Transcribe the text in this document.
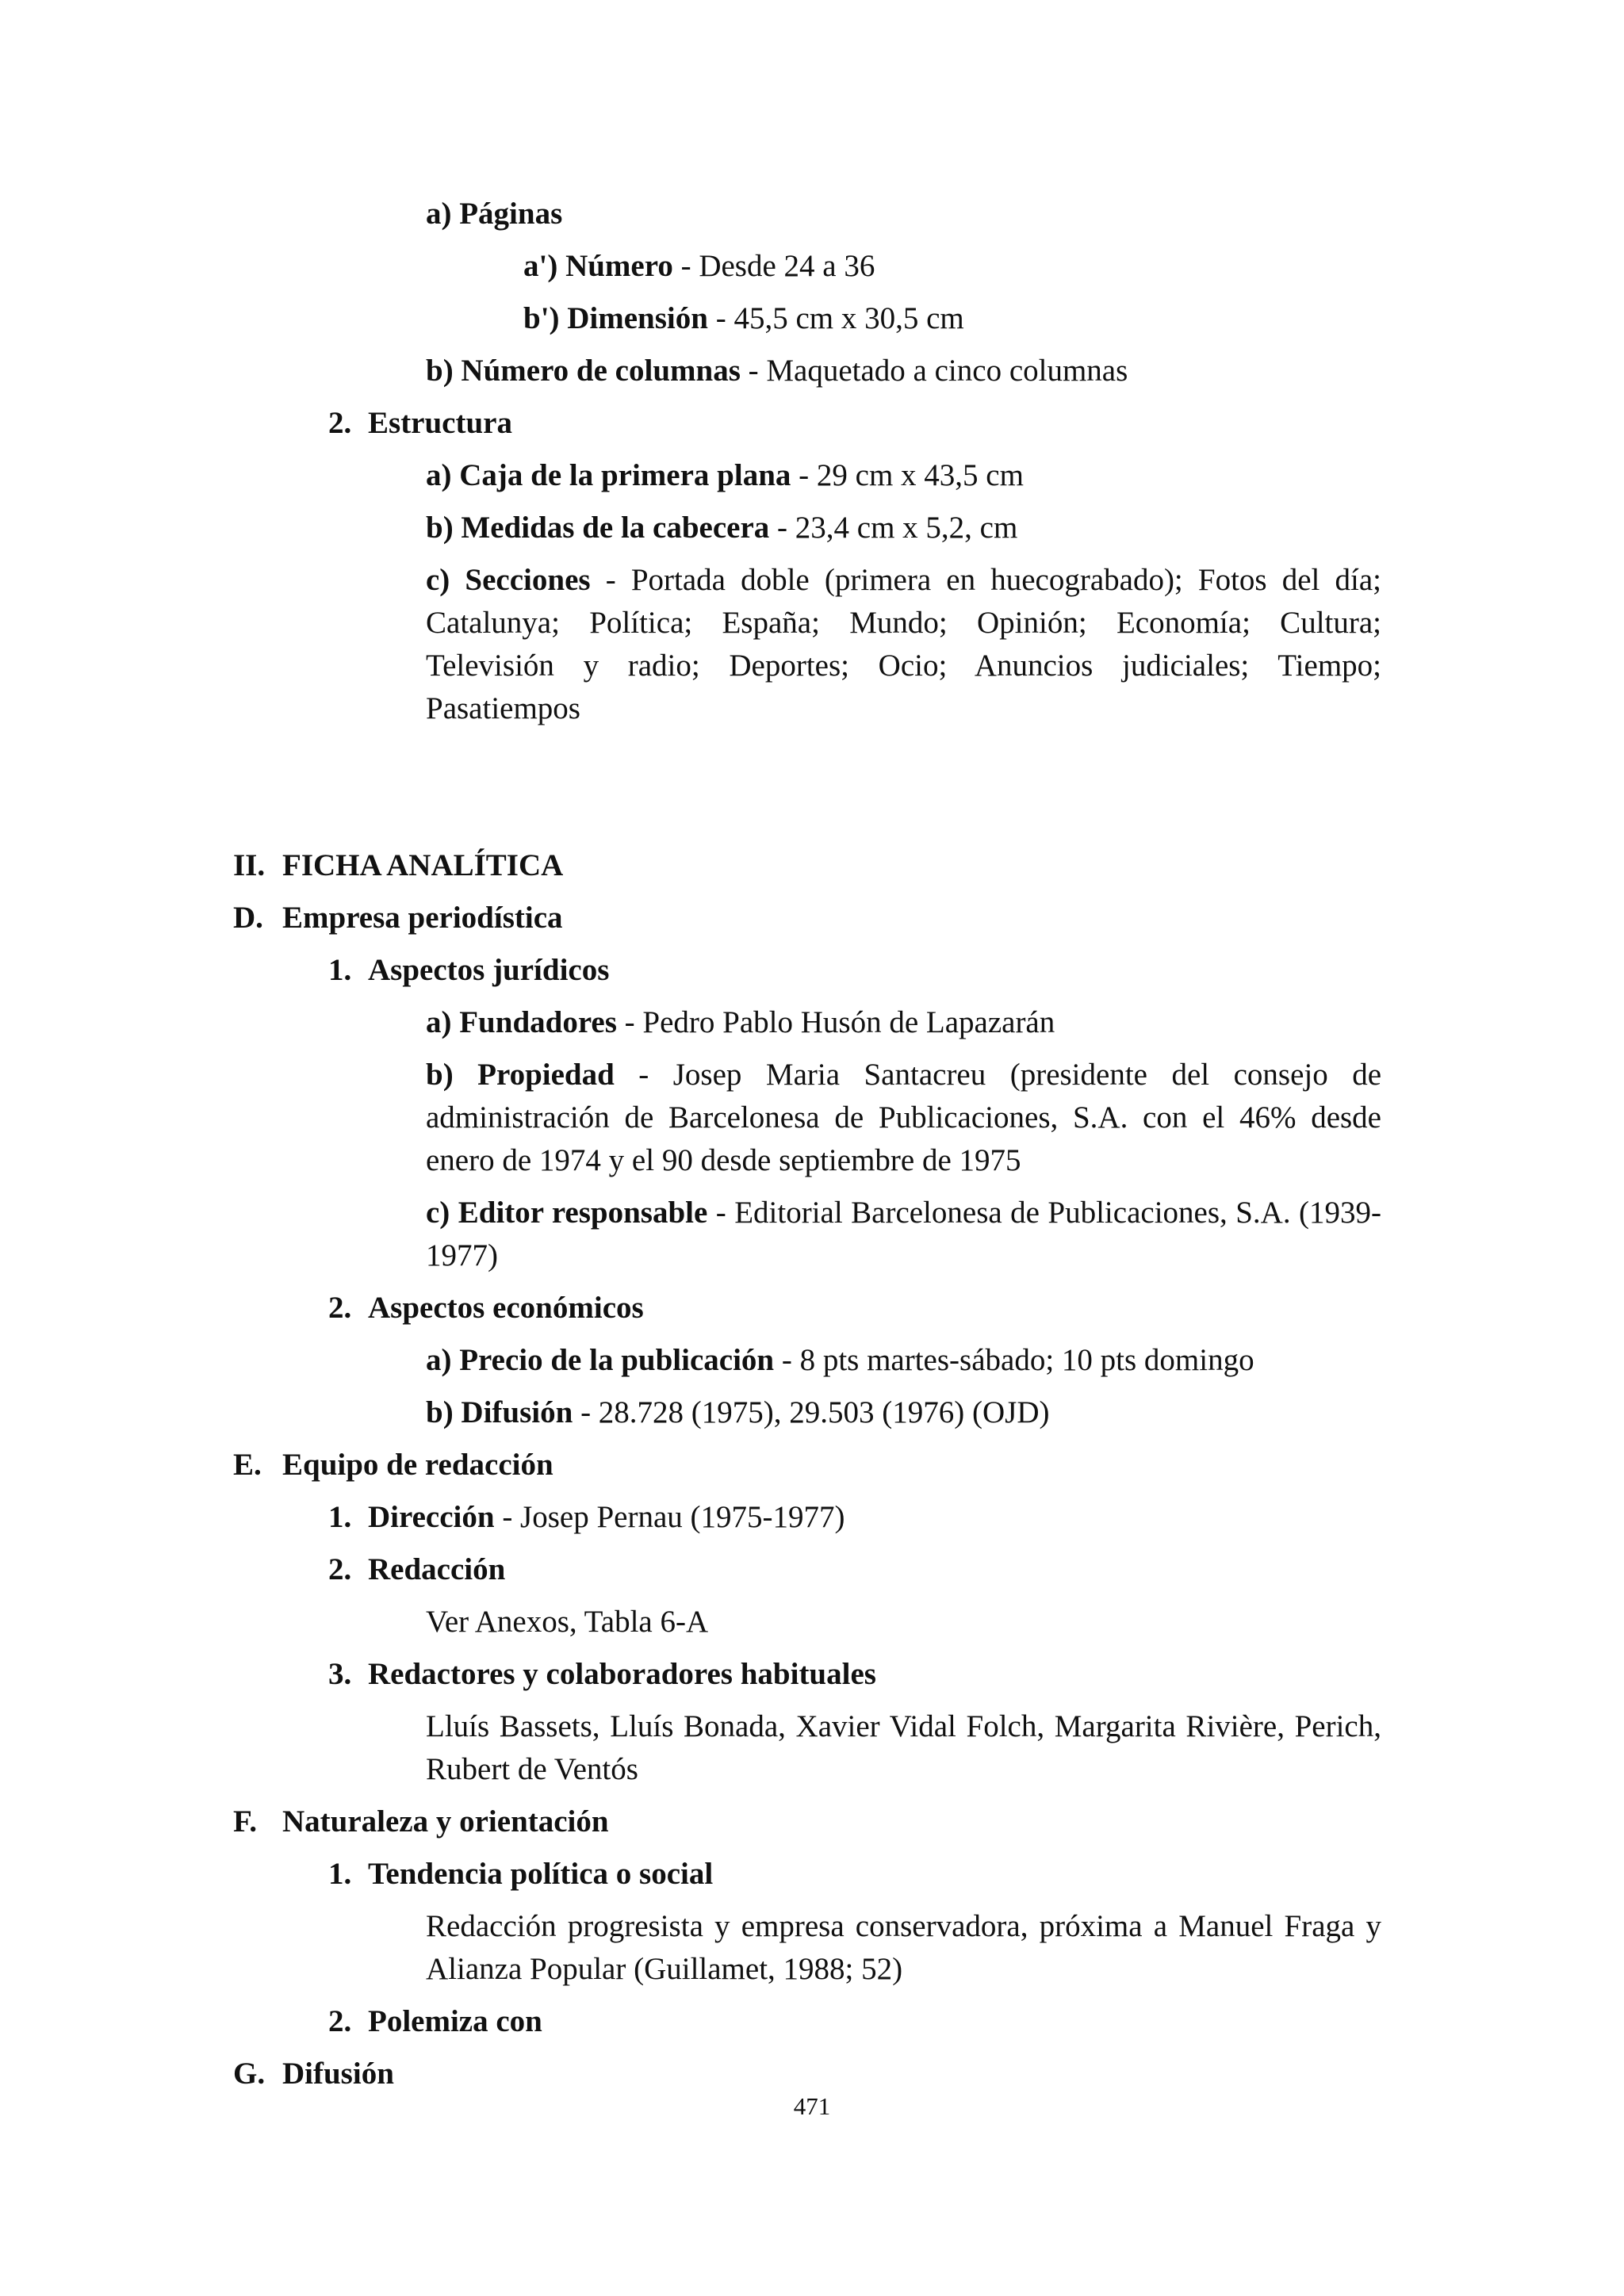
a) Páginas
a') Número - Desde 24 a 36
b') Dimensión - 45,5 cm x 30,5 cm
b) Número de columnas - Maquetado a cinco columnas
2. Estructura
a) Caja de la primera plana - 29 cm x 43,5 cm
b) Medidas de la cabecera - 23,4 cm x 5,2, cm
c) Secciones - Portada doble (primera en huecograbado); Fotos del día; Catalunya; Política; España; Mundo; Opinión; Economía; Cultura; Televisión y radio; Deportes; Ocio; Anuncios judiciales; Tiempo; Pasatiempos
II. FICHA ANALÍTICA
D. Empresa periodística
1. Aspectos jurídicos
a) Fundadores - Pedro Pablo Husón de Lapazarán
b) Propiedad - Josep Maria Santacreu (presidente del consejo de administración de Barcelonesa de Publicaciones, S.A. con el 46% desde enero de 1974 y el 90 desde septiembre de 1975
c) Editor responsable - Editorial Barcelonesa de Publicaciones, S.A. (1939-1977)
2. Aspectos económicos
a) Precio de la publicación - 8 pts martes-sábado; 10 pts domingo
b) Difusión - 28.728 (1975), 29.503 (1976) (OJD)
E. Equipo de redacción
1. Dirección - Josep Pernau (1975-1977)
2. Redacción
Ver Anexos, Tabla 6-A
3. Redactores y colaboradores habituales
Lluís Bassets, Lluís Bonada, Xavier Vidal Folch, Margarita Rivière, Perich, Rubert de Ventós
F. Naturaleza y orientación
1. Tendencia política o social
Redacción progresista y empresa conservadora, próxima a Manuel Fraga y Alianza Popular (Guillamet, 1988; 52)
2. Polemiza con
G. Difusión
471
